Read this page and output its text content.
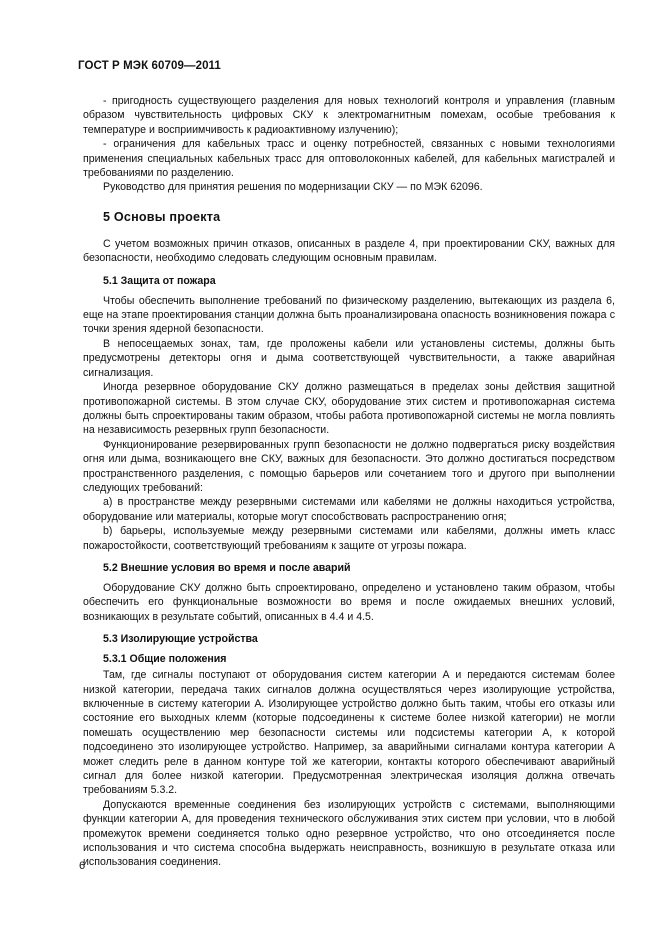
ГОСТ Р МЭК 60709—2011

- пригодность существующего разделения для новых технологий контроля и управления (главным образом чувствительность цифровых СКУ к электромагнитным помехам, особые требования к температуре и восприимчивость к радиоактивному излучению);

- ограничения для кабельных трасс и оценку потребностей, связанных с новыми технологиями применения специальных кабельных трасс для оптоволоконных кабелей, для кабельных магистралей и требованиями по разделению.

Руководство для принятия решения по модернизации СКУ — по МЭК 62096.

5 Основы проекта

С учетом возможных причин отказов, описанных в разделе 4, при проектировании СКУ, важных для безопасности, необходимо следовать следующим основным правилам.

5.1 Защита от пожара

Чтобы обеспечить выполнение требований по физическому разделению, вытекающих из раздела 6, еще на этапе проектирования станции должна быть проанализирована опасность возникновения пожара с точки зрения ядерной безопасности.

В непосещаемых зонах, там, где проложены кабели или установлены системы, должны быть предусмотрены детекторы огня и дыма соответствующей чувствительности, а также аварийная сигнализация.

Иногда резервное оборудование СКУ должно размещаться в пределах зоны действия защитной противопожарной системы. В этом случае СКУ, оборудование этих систем и противопожарная система должны быть спроектированы таким образом, чтобы работа противопожарной системы не могла повлиять на независимость резервных групп безопасности.

Функционирование резервированных групп безопасности не должно подвергаться риску воздействия огня или дыма, возникающего вне СКУ, важных для безопасности. Это должно достигаться посредством пространственного разделения, с помощью барьеров или сочетанием того и другого при выполнении следующих требований:

a) в пространстве между резервными системами или кабелями не должны находиться устройства, оборудование или материалы, которые могут способствовать распространению огня;

b) барьеры, используемые между резервными системами или кабелями, должны иметь класс пожаростойкости, соответствующий требованиям к защите от угрозы пожара.

5.2 Внешние условия во время и после аварий

Оборудование СКУ должно быть спроектировано, определено и установлено таким образом, чтобы обеспечить его функциональные возможности во время и после ожидаемых внешних условий, возникающих в результате событий, описанных в 4.4 и 4.5.

5.3 Изолирующие устройства
5.3.1 Общие положения

Там, где сигналы поступают от оборудования систем категории А и передаются системам более низкой категории, передача таких сигналов должна осуществляться через изолирующие устройства, включенные в систему категории А. Изолирующее устройство должно быть таким, чтобы его отказы или состояние его выходных клемм (которые подсоединены к системе более низкой категории) не могли помешать осуществлению мер безопасности системы или подсистемы категории А, к которой подсоединено это изолирующее устройство. Например, за аварийными сигналами контура категории А может следить реле в данном контуре той же категории, контакты которого обеспечивают аварийный сигнал для более низкой категории. Предусмотренная электрическая изоляция должна отвечать требованиям 5.3.2.

Допускаются временные соединения без изолирующих устройств с системами, выполняющими функции категории А, для проведения технического обслуживания этих систем при условии, что в любой промежуток времени соединяется только одно резервное устройство, что оно отсоединяется после использования и что система способна выдержать неисправность, возникшую в результате отказа или использования соединения.

6
